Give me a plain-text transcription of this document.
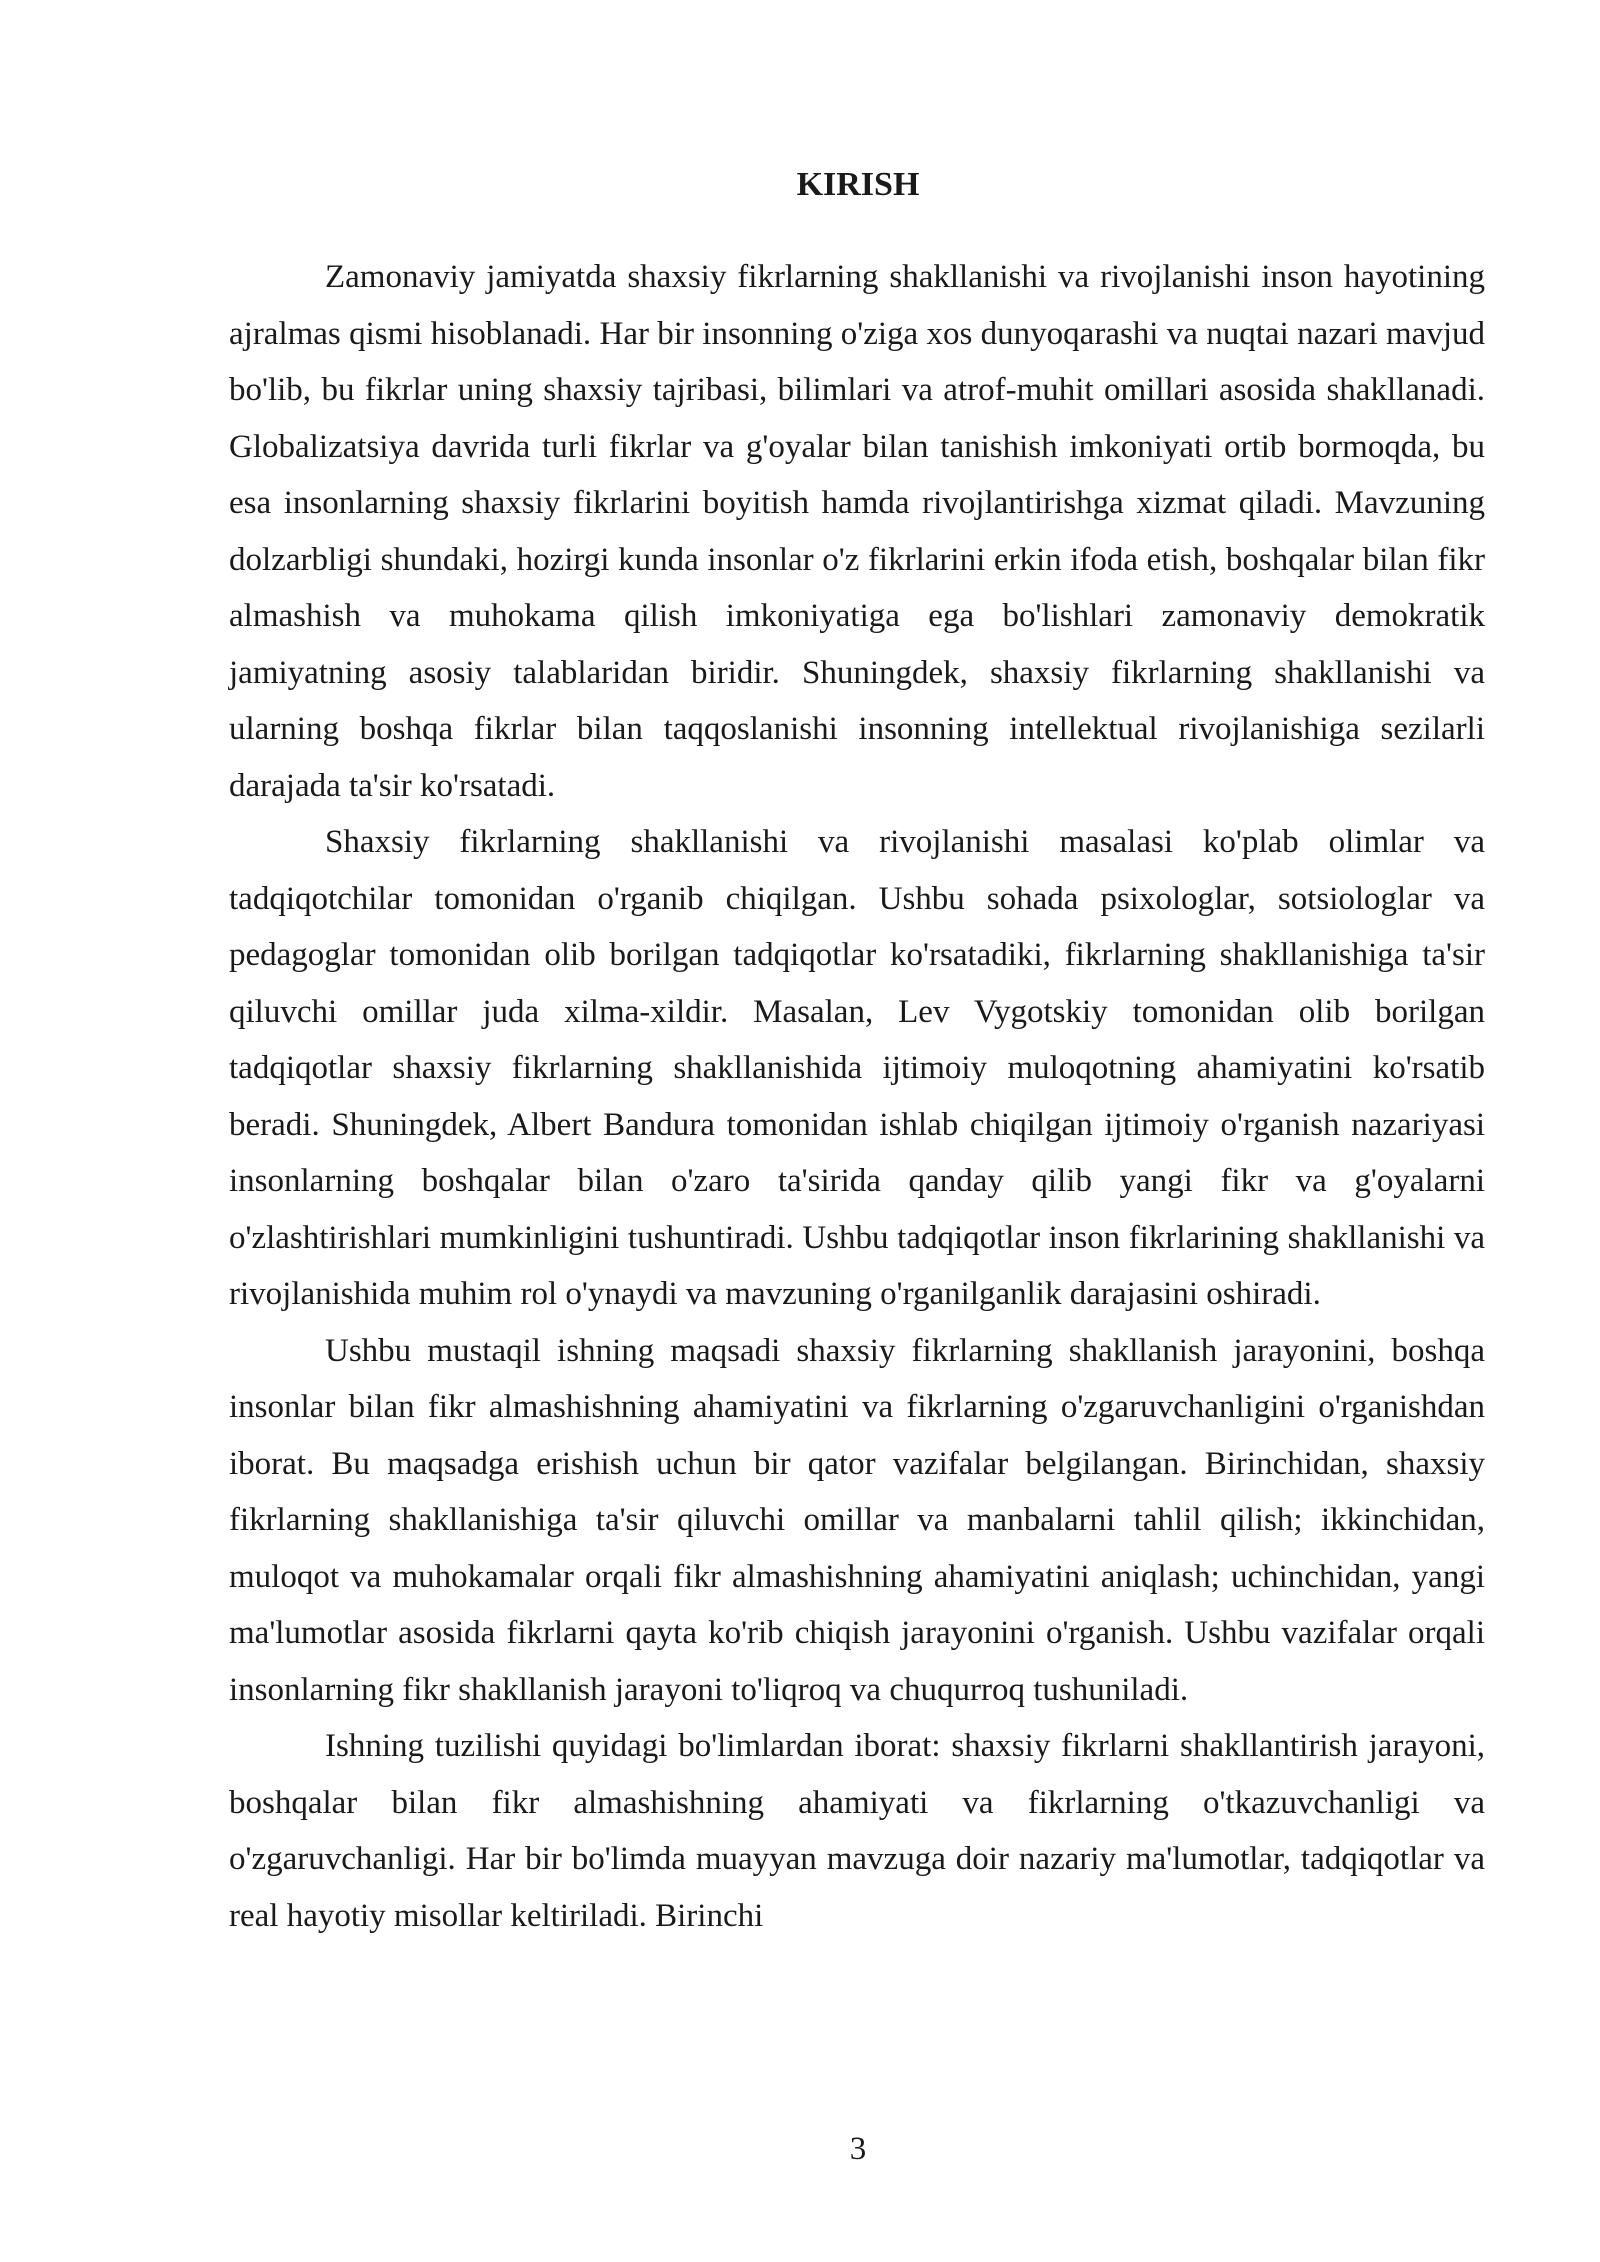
KIRISH

Zamonaviy jamiyatda shaxsiy fikrlarning shakllanishi va rivojlanishi inson hayotining ajralmas qismi hisoblanadi. Har bir insonning o'ziga xos dunyoqarashi va nuqtai nazari mavjud bo'lib, bu fikrlar uning shaxsiy tajribasi, bilimlari va atrof-muhit omillari asosida shakllanadi. Globalizatsiya davrida turli fikrlar va g'oyalar bilan tanishish imkoniyati ortib bormoqda, bu esa insonlarning shaxsiy fikrlarini boyitish hamda rivojlantirishga xizmat qiladi. Mavzuning dolzarbligi shundaki, hozirgi kunda insonlar o'z fikrlarini erkin ifoda etish, boshqalar bilan fikr almashish va muhokama qilish imkoniyatiga ega bo'lishlari zamonaviy demokratik jamiyatning asosiy talablaridan biridir. Shuningdek, shaxsiy fikrlarning shakllanishi va ularning boshqa fikrlar bilan taqqoslanishi insonning intellektual rivojlanishiga sezilarli darajada ta'sir ko'rsatadi.

Shaxsiy fikrlarning shakllanishi va rivojlanishi masalasi ko'plab olimlar va tadqiqotchilar tomonidan o'rganib chiqilgan. Ushbu sohada psixologlar, sotsiologlar va pedagoglar tomonidan olib borilgan tadqiqotlar ko'rsatadiki, fikrlarning shakllanishiga ta'sir qiluvchi omillar juda xilma-xildir. Masalan, Lev Vygotskiy tomonidan olib borilgan tadqiqotlar shaxsiy fikrlarning shakllanishida ijtimoiy muloqotning ahamiyatini ko'rsatib beradi. Shuningdek, Albert Bandura tomonidan ishlab chiqilgan ijtimoiy o'rganish nazariyasi insonlarning boshqalar bilan o'zaro ta'sirida qanday qilib yangi fikr va g'oyalarni o'zlashtirishlari mumkinligini tushuntiradi. Ushbu tadqiqotlar inson fikrlarining shakllanishi va rivojlanishida muhim rol o'ynaydi va mavzuning o'rganilganlik darajasini oshiradi.

Ushbu mustaqil ishning maqsadi shaxsiy fikrlarning shakllanish jarayonini, boshqa insonlar bilan fikr almashishning ahamiyatini va fikrlarning o'zgaruvchanligini o'rganishdan iborat. Bu maqsadga erishish uchun bir qator vazifalar belgilangan. Birinchidan, shaxsiy fikrlarning shakllanishiga ta'sir qiluvchi omillar va manbalarni tahlil qilish; ikkinchidan, muloqot va muhokamalar orqali fikr almashishning ahamiyatini aniqlash; uchinchidan, yangi ma'lumotlar asosida fikrlarni qayta ko'rib chiqish jarayonini o'rganish. Ushbu vazifalar orqali insonlarning fikr shakllanish jarayoni to'liqroq va chuqurroq tushuniladi.

Ishning tuzilishi quyidagi bo'limlardan iborat: shaxsiy fikrlarni shakllantirish jarayoni, boshqalar bilan fikr almashishning ahamiyati va fikrlarning o'tkazuvchanligi va o'zgaruvchanligi. Har bir bo'limda muayyan mavzuga doir nazariy ma'lumotlar, tadqiqotlar va real hayotiy misollar keltiriladi. Birinchi

3
